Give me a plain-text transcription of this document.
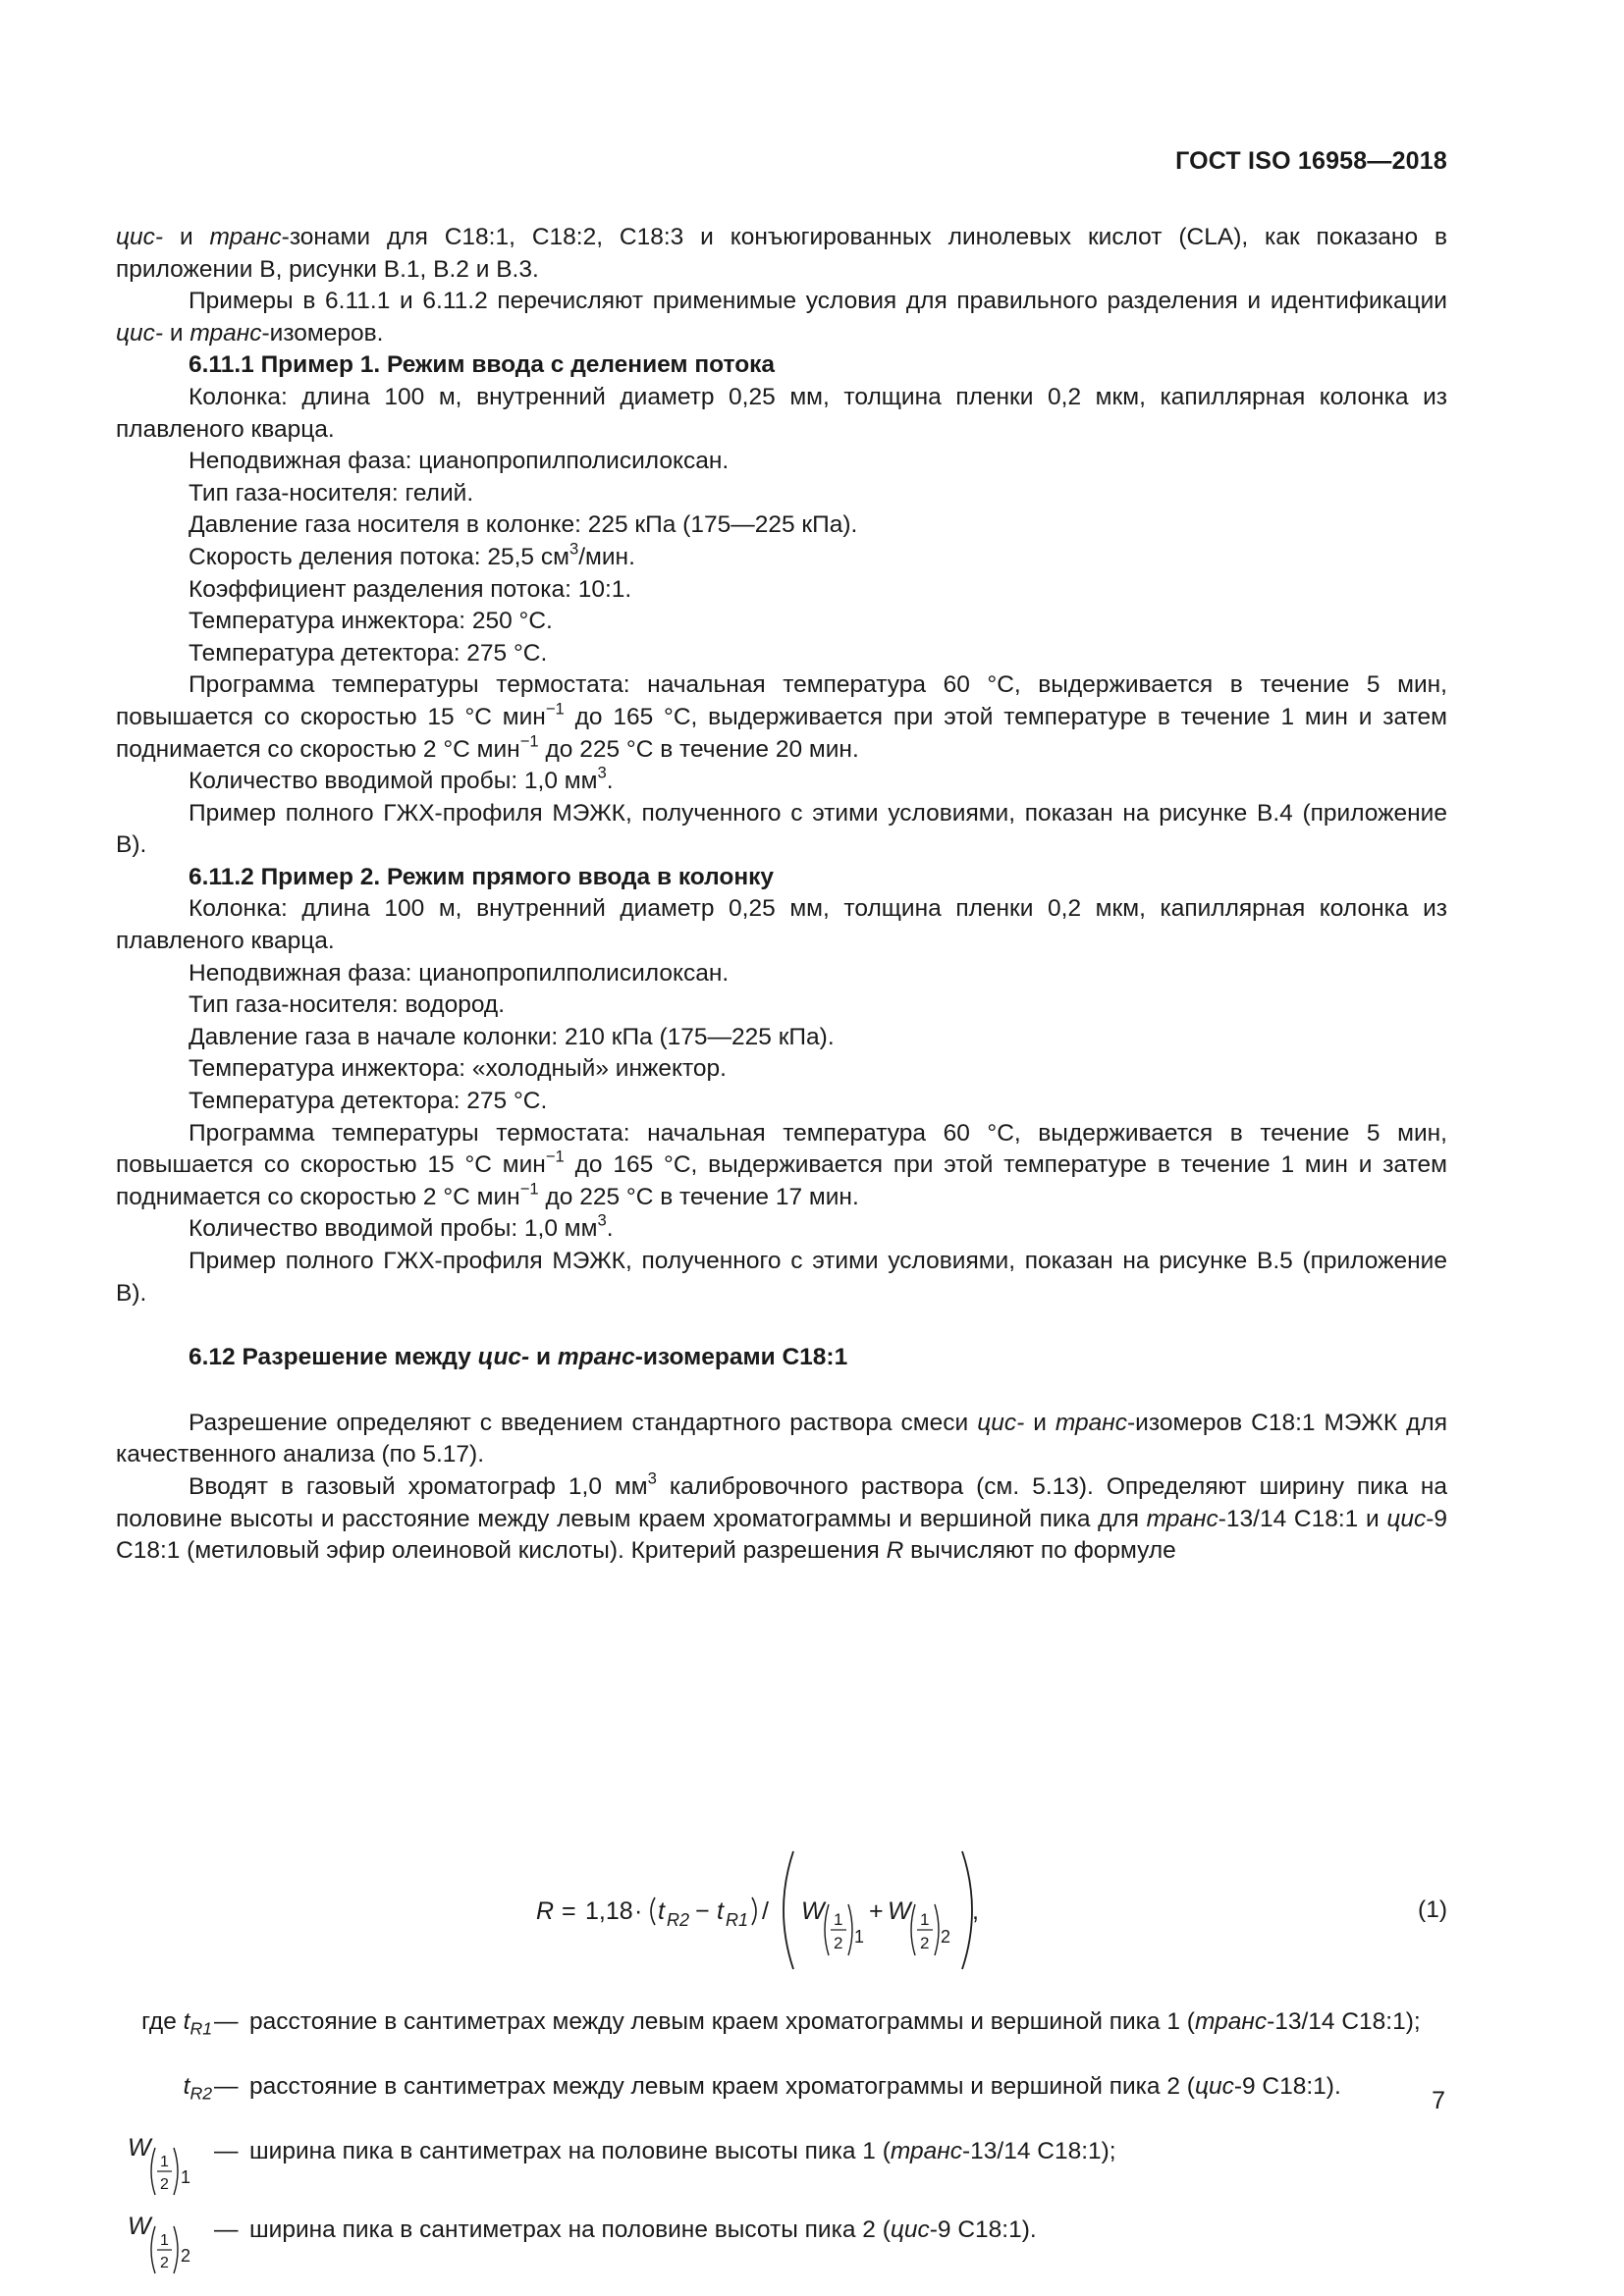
ГОСТ ISO 16958—2018

цис- и транс-зонами для C18:1, C18:2, C18:3 и конъюгированных линолевых кислот (CLA), как показано в приложении В, рисунки В.1, В.2 и В.3.

Примеры в 6.11.1 и 6.11.2 перечисляют применимые условия для правильного разделения и идентификации цис- и транс-изомеров.

6.11.1 Пример 1. Режим ввода с делением потока

Колонка: длина 100 м, внутренний диаметр 0,25 мм, толщина пленки 0,2 мкм, капиллярная колонка из плавленого кварца.

Неподвижная фаза: цианопропилполисилоксан.

Тип газа-носителя: гелий.

Давление газа носителя в колонке: 225 кПа (175—225 кПа).

Скорость деления потока: 25,5 $см^3$/мин.

Коэффициент разделения потока: 10:1.

Температура инжектора: 250 °C.

Температура детектора: 275 °C.

Программа температуры термостата: начальная температура 60 °C, выдерживается в течение 5 мин, повышается со скоростью 15 °C мин$^{-1}$ до 165 °C, выдерживается при этой температуре в течение 1 мин и затем поднимается со скоростью 2 °C мин$^{-1}$ до 225 °C в течение 20 мин.

Количество вводимой пробы: 1,0 $мм^3$.

Пример полного ГЖХ-профиля МЭЖК, полученного с этими условиями, показан на рисунке В.4 (приложение В).

6.11.2 Пример 2. Режим прямого ввода в колонку

Колонка: длина 100 м, внутренний диаметр 0,25 мм, толщина пленки 0,2 мкм, капиллярная колонка из плавленого кварца.

Неподвижная фаза: цианопропилполисилоксан.

Тип газа-носителя: водород.

Давление газа в начале колонки: 210 кПа (175—225 кПа).

Температура инжектора: «холодный» инжектор.

Температура детектора: 275 °C.

Программа температуры термостата: начальная температура 60 °C, выдерживается в течение 5 мин, повышается со скоростью 15 °C мин$^{-1}$ до 165 °C, выдерживается при этой температуре в течение 1 мин и затем поднимается со скоростью 2 °C мин$^{-1}$ до 225 °C в течение 17 мин.

Количество вводимой пробы: 1,0 $мм^3$.

Пример полного ГЖХ-профиля МЭЖК, полученного с этими условиями, показан на рисунке В.5 (приложение В).

6.12 Разрешение между цис- и транс-изомерами C18:1

Разрешение определяют с введением стандартного раствора смеси цис- и транс-изомеров C18:1 МЭЖК для качественного анализа (по 5.17).

Вводят в газовый хроматограф 1,0 $мм^3$ калибровочного раствора (см. 5.13). Определяют ширину пика на половине высоты и расстояние между левым краем хроматограммы и вершиной пика для транс-13/14 C18:1 и цис-9 C18:1 (метиловый эфир олеиновой кислоты). Критерий разрешения R вычисляют по формуле

R = 1,18 · t R2 − t R1 / W 1
2 1
+ W 1
2 2
,	(1)
где $t_{R1}$ — расстояние в сантиметрах между левым краем хроматограммы и вершиной пика 1 (транс-13/14 C18:1);
$t_{R2}$ — расстояние в сантиметрах между левым краем хроматограммы и вершиной пика 2 (цис-9 C18:1).
W
1
2 1
— ширина пика в сантиметрах на половине высоты пика 1 (транс-13/14 C18:1);
W
1
2 2
— ширина пика в сантиметрах на половине высоты пика 2 (цис-9 C18:1).
7
